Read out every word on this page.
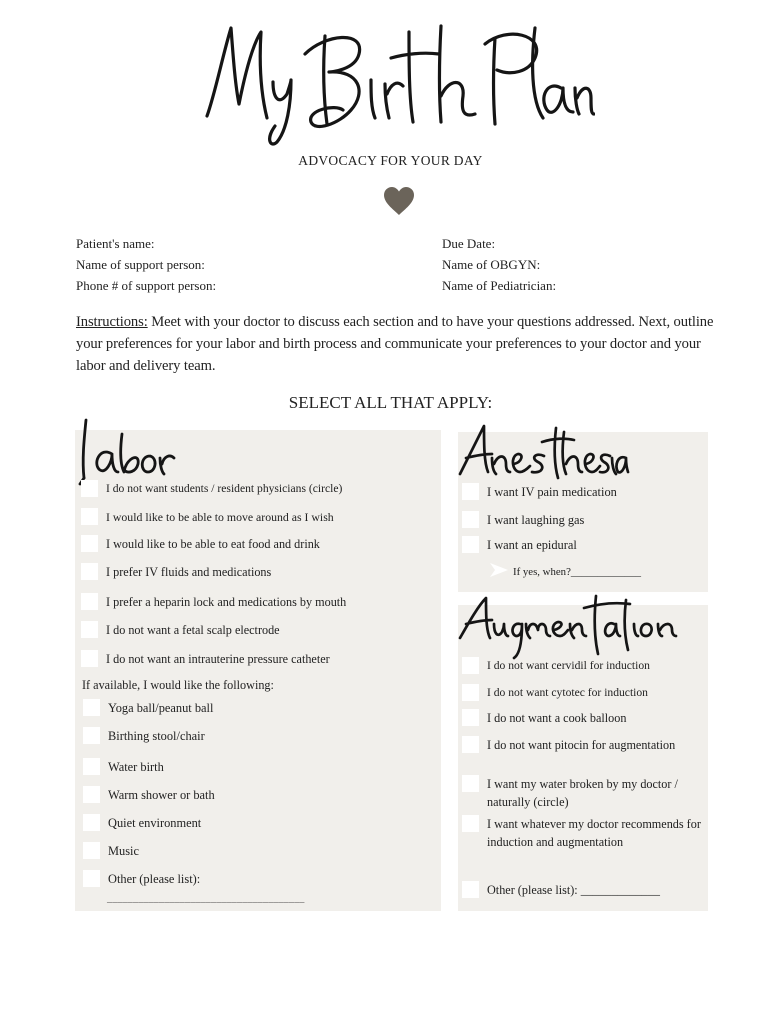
ADVOCACY FOR YOUR DAY
Patient's name:
Name of support person:
Phone # of support person:
Due Date:
Name of OBGYN:
Name of Pediatrician:
Instructions: Meet with your doctor to discuss each section and to have your questions addressed. Next, outline your preferences for your labor and birth process and communicate your preferences to your doctor and your labor and delivery team.
SELECT ALL THAT APPLY:
I do not want students / resident physicians (circle)
I would like to be able to move around as I wish
I would like to be able to eat food and drink
I prefer IV fluids and medications
I prefer a heparin lock and medications by mouth
I do not want a fetal scalp electrode
I do not want an intrauterine pressure catheter
If available, I would like the following:
Yoga ball/peanut ball
Birthing stool/chair
Water birth
Warm shower or bath
Quiet environment
Music
Other (please list):
______________________________________
I want IV pain medication
I want laughing gas
I want an epidural
If yes, when?_____________
I do not want cervidil for induction
I do not want cytotec for induction
I do not want a cook balloon
I do not want pitocin for augmentation
I want my water broken by my doctor / naturally (circle)
I want whatever my doctor recommends for induction and augmentation
Other (please list): _____________
